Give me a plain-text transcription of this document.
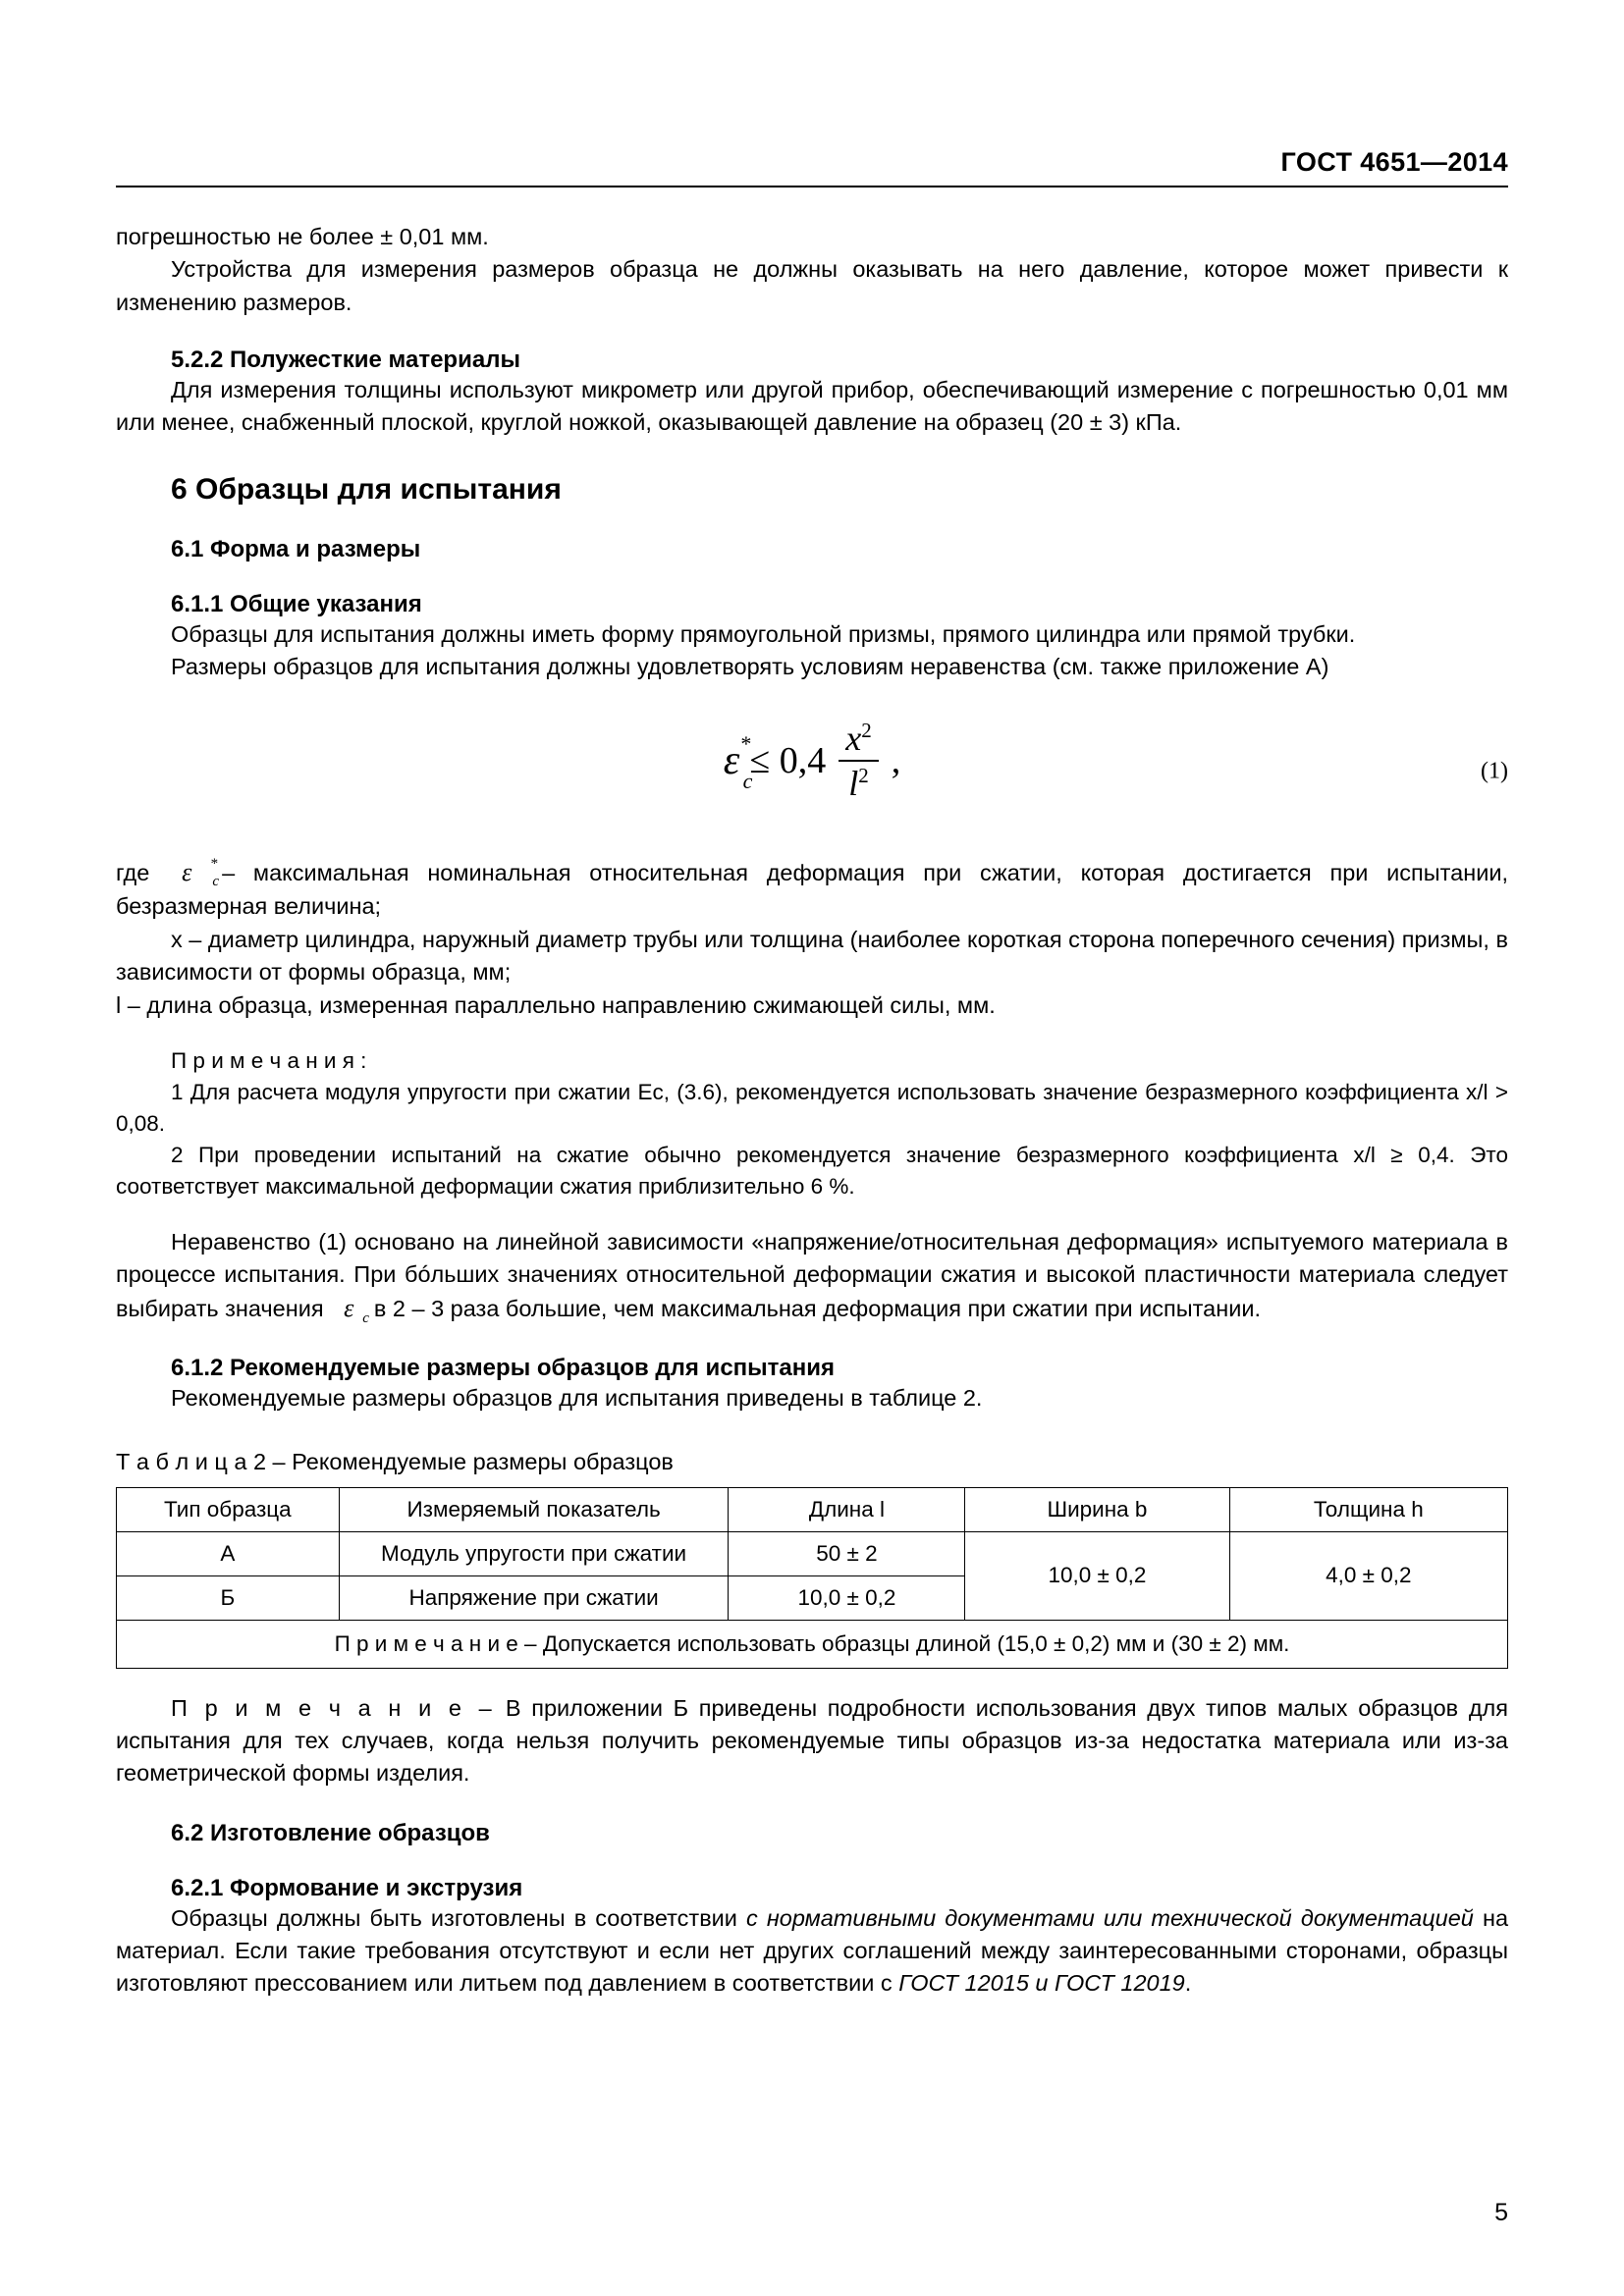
ГОСТ 4651—2014

погрешностью не более ± 0,01 мм.

Устройства для измерения размеров образца не должны оказывать на него давление, которое может привести к изменению размеров.

5.2.2 Полужесткие материалы

Для измерения толщины используют микрометр или другой прибор, обеспечивающий измерение с погрешностью 0,01 мм или менее, снабженный плоской, круглой ножкой, оказывающей давление на образец (20 ± 3) кПа.

6 Образцы для испытания
6.1 Форма и размеры
6.1.1 Общие указания

Образцы для испытания должны иметь форму прямоугольной призмы, прямого цилиндра или прямой трубки.

Размеры образцов для испытания должны удовлетворять условиям неравенства (см. также приложение А)

ε *
c
≤ $0,4 \frac{x^2}{l^2}$ ,	(1)

где ε *
c – максимальная номинальная относительная деформация при сжатии, которая достигается при испытании, безразмерная величина;

x – диаметр цилиндра, наружный диаметр трубы или толщина (наиболее короткая сторона поперечного сечения) призмы, в зависимости от формы образца, мм;

l – длина образца, измеренная параллельно направлению сжимающей силы, мм.

П р и м е ч а н и я :

1 Для расчета модуля упругости при сжатии Ec, (3.6), рекомендуется использовать значение безразмерного коэффициента x/l > 0,08.

2 При проведении испытаний на сжатие обычно рекомендуется значение безразмерного коэффициента x/l ≥ 0,4. Это соответствует максимальной деформации сжатия приблизительно 6 %.

Неравенство (1) основано на линейной зависимости «напряжение/относительная деформация» испытуемого материала в процессе испытания. При бóльших значениях относительной деформации сжатия и высокой пластичности материала следует выбирать значения ε c в 2 – 3 раза большие, чем максимальная деформация при сжатии при испытании.

6.1.2 Рекомендуемые размеры образцов для испытания

Рекомендуемые размеры образцов для испытания приведены в таблице 2.

Т а б л и ц а 2 – Рекомендуемые размеры образцов
Тип образца	Измеряемый показатель	Длина l	Ширина b	Толщина h
А	Модуль упругости при сжатии	50 ± 2	10,0 ± 0,2	4,0 ± 0,2
Б	Напряжение при сжатии	10,0 ± 0,2		
П р и м е ч а н и е – Допускается использовать образцы длиной (15,0 ± 0,2) мм и (30 ± 2) мм.				

П р и м е ч а н и е – В приложении Б приведены подробности использования двух типов малых образцов для испытания для тех случаев, когда нельзя получить рекомендуемые типы образцов из-за недостатка материала или из-за геометрической формы изделия.

6.2 Изготовление образцов
6.2.1 Формование и экструзия

Образцы должны быть изготовлены в соответствии с нормативными документами или технической документацией на материал. Если такие требования отсутствуют и если нет других соглашений между заинтересованными сторонами, образцы изготовляют прессованием или литьем под давлением в соответствии с ГОСТ 12015 и ГОСТ 12019.

5
